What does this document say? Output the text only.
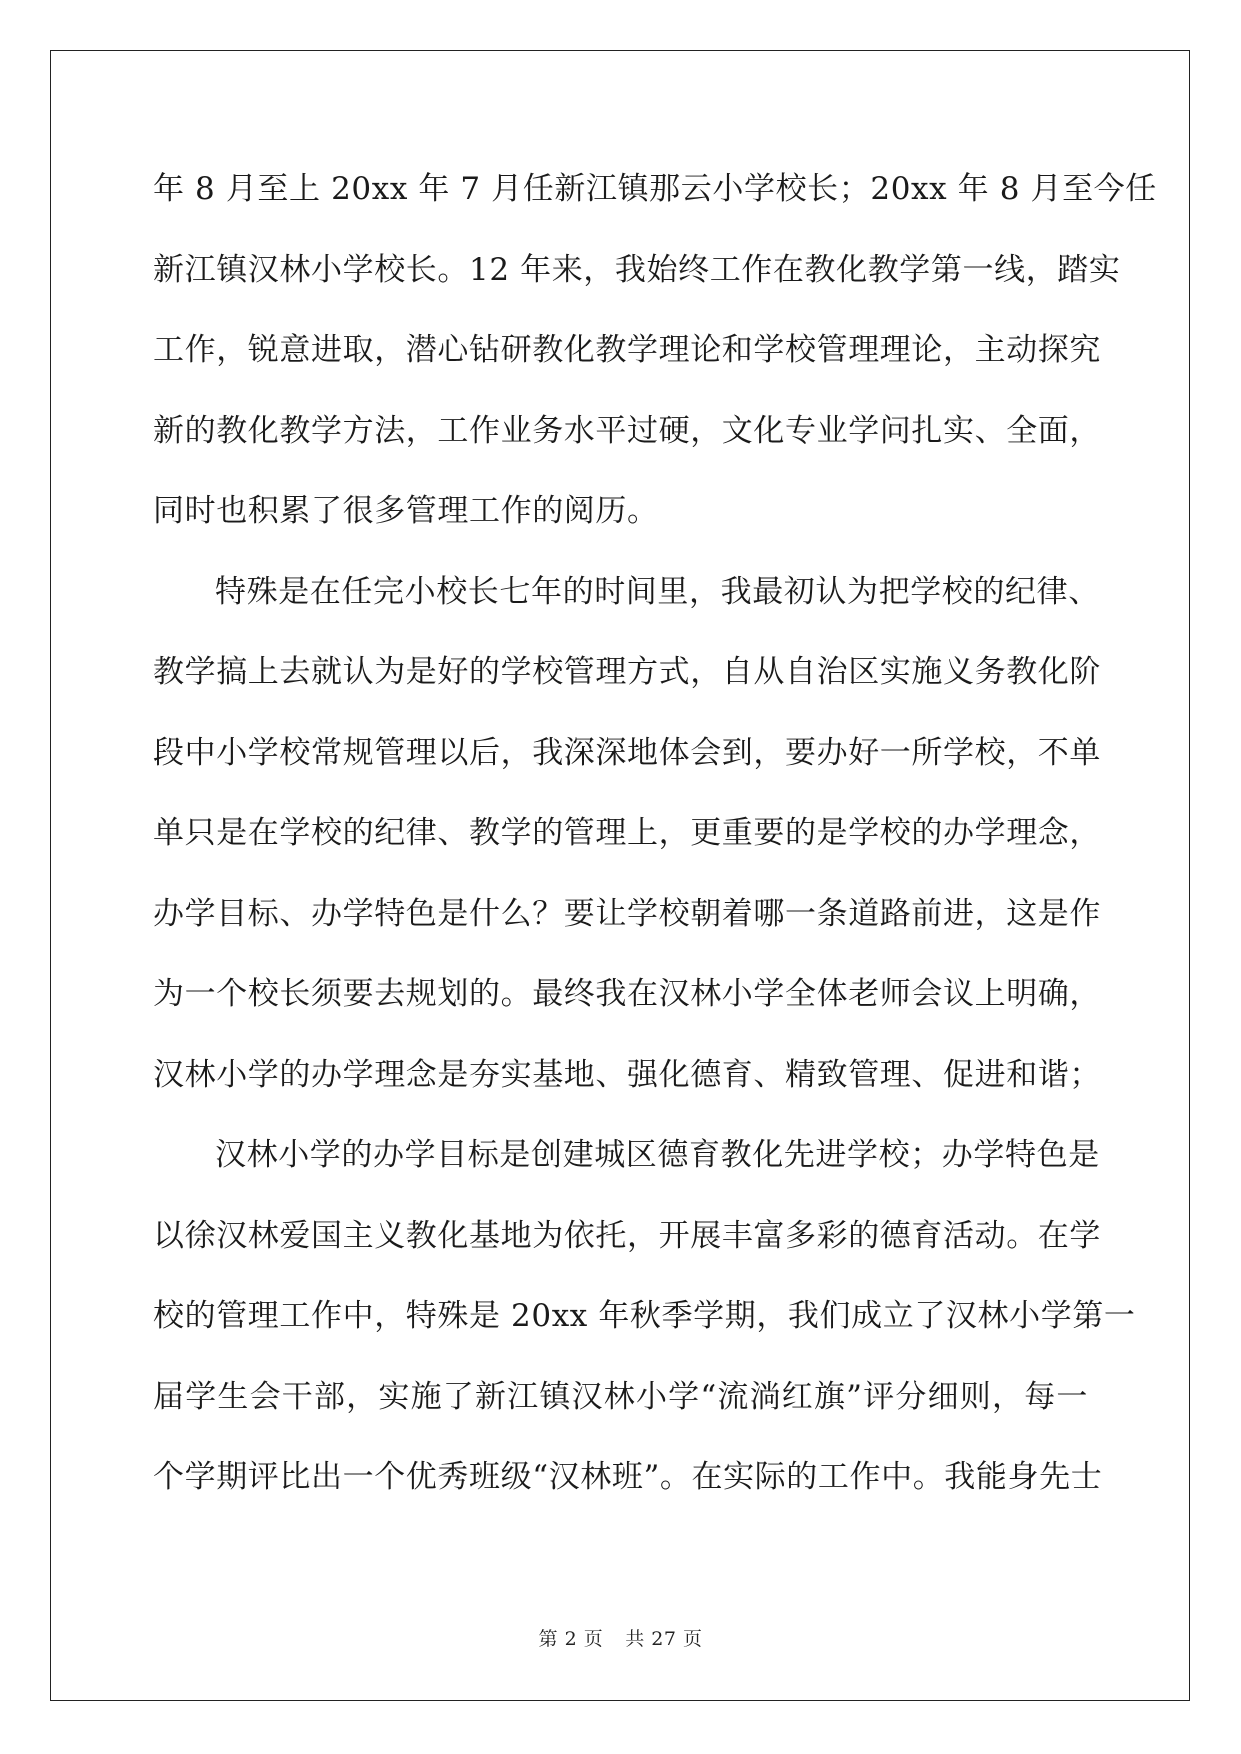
年 8 月至上 20xx 年 7 月任新江镇那云小学校长；20xx 年 8 月至今任
新江镇汉林小学校长。12 年来，我始终工作在教化教学第一线，踏实
工作，锐意进取，潜心钻研教化教学理论和学校管理理论，主动探究
新的教化教学方法，工作业务水平过硬，文化专业学问扎实、全面，
同时也积累了很多管理工作的阅历。
特殊是在任完小校长七年的时间里，我最初认为把学校的纪律、
教学搞上去就认为是好的学校管理方式，自从自治区实施义务教化阶
段中小学校常规管理以后，我深深地体会到，要办好一所学校，不单
单只是在学校的纪律、教学的管理上，更重要的是学校的办学理念，
办学目标、办学特色是什么？要让学校朝着哪一条道路前进，这是作
为一个校长须要去规划的。最终我在汉林小学全体老师会议上明确，
汉林小学的办学理念是夯实基地、强化德育、精致管理、促进和谐；
汉林小学的办学目标是创建城区德育教化先进学校；办学特色是
以徐汉林爱国主义教化基地为依托，开展丰富多彩的德育活动。在学
校的管理工作中，特殊是 20xx 年秋季学期，我们成立了汉林小学第一
届学生会干部，实施了新江镇汉林小学“流淌红旗”评分细则，每一
个学期评比出一个优秀班级“汉林班”。在实际的工作中。我能身先士
第 2 页 共 27 页
